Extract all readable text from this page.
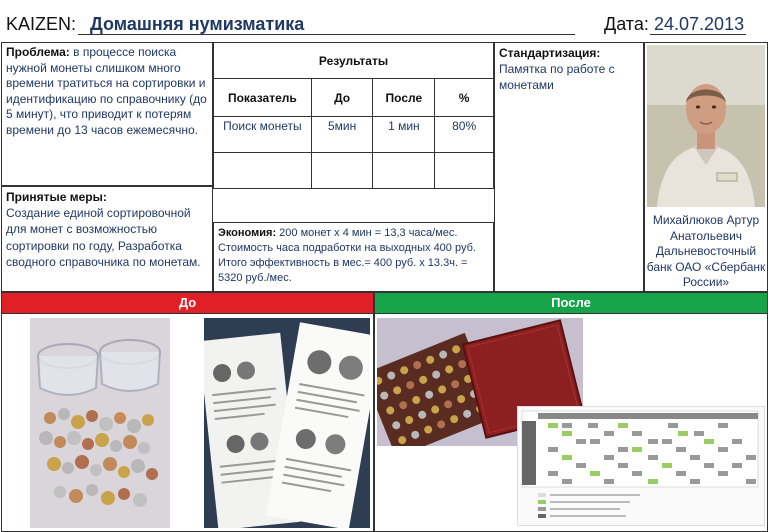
KAIZEN: Домашняя нумизматика	Дата: 24.07.2013
Проблема: в процессе поиска нужной монеты слишком много времени тратиться на сортировки и идентификацию по справочнику (до 5 минут), что приводит к потерям времени до 13 часов ежемесячно.
Принятые меры:
Создание единой сортировочной для монет с возможностью сортировки по году, Разработка сводного справочника по монетам.
Результаты			
Показатель	До	После	%
Поиск монеты	5мин	1 мин	80%

Экономия: 200 монет х 4 мин = 13,3 часа/мес.
Стоимость часа подработки на выходных 400 руб.
Итого эффективность в мес.= 400 руб. х 13.3ч. = 5320 руб./мес.
Стандартизация:
Памятка по работе с монетами
Михайлюков Артур Анатольевич Дальневосточный банк ОАО «Сбербанк России»
До	После
